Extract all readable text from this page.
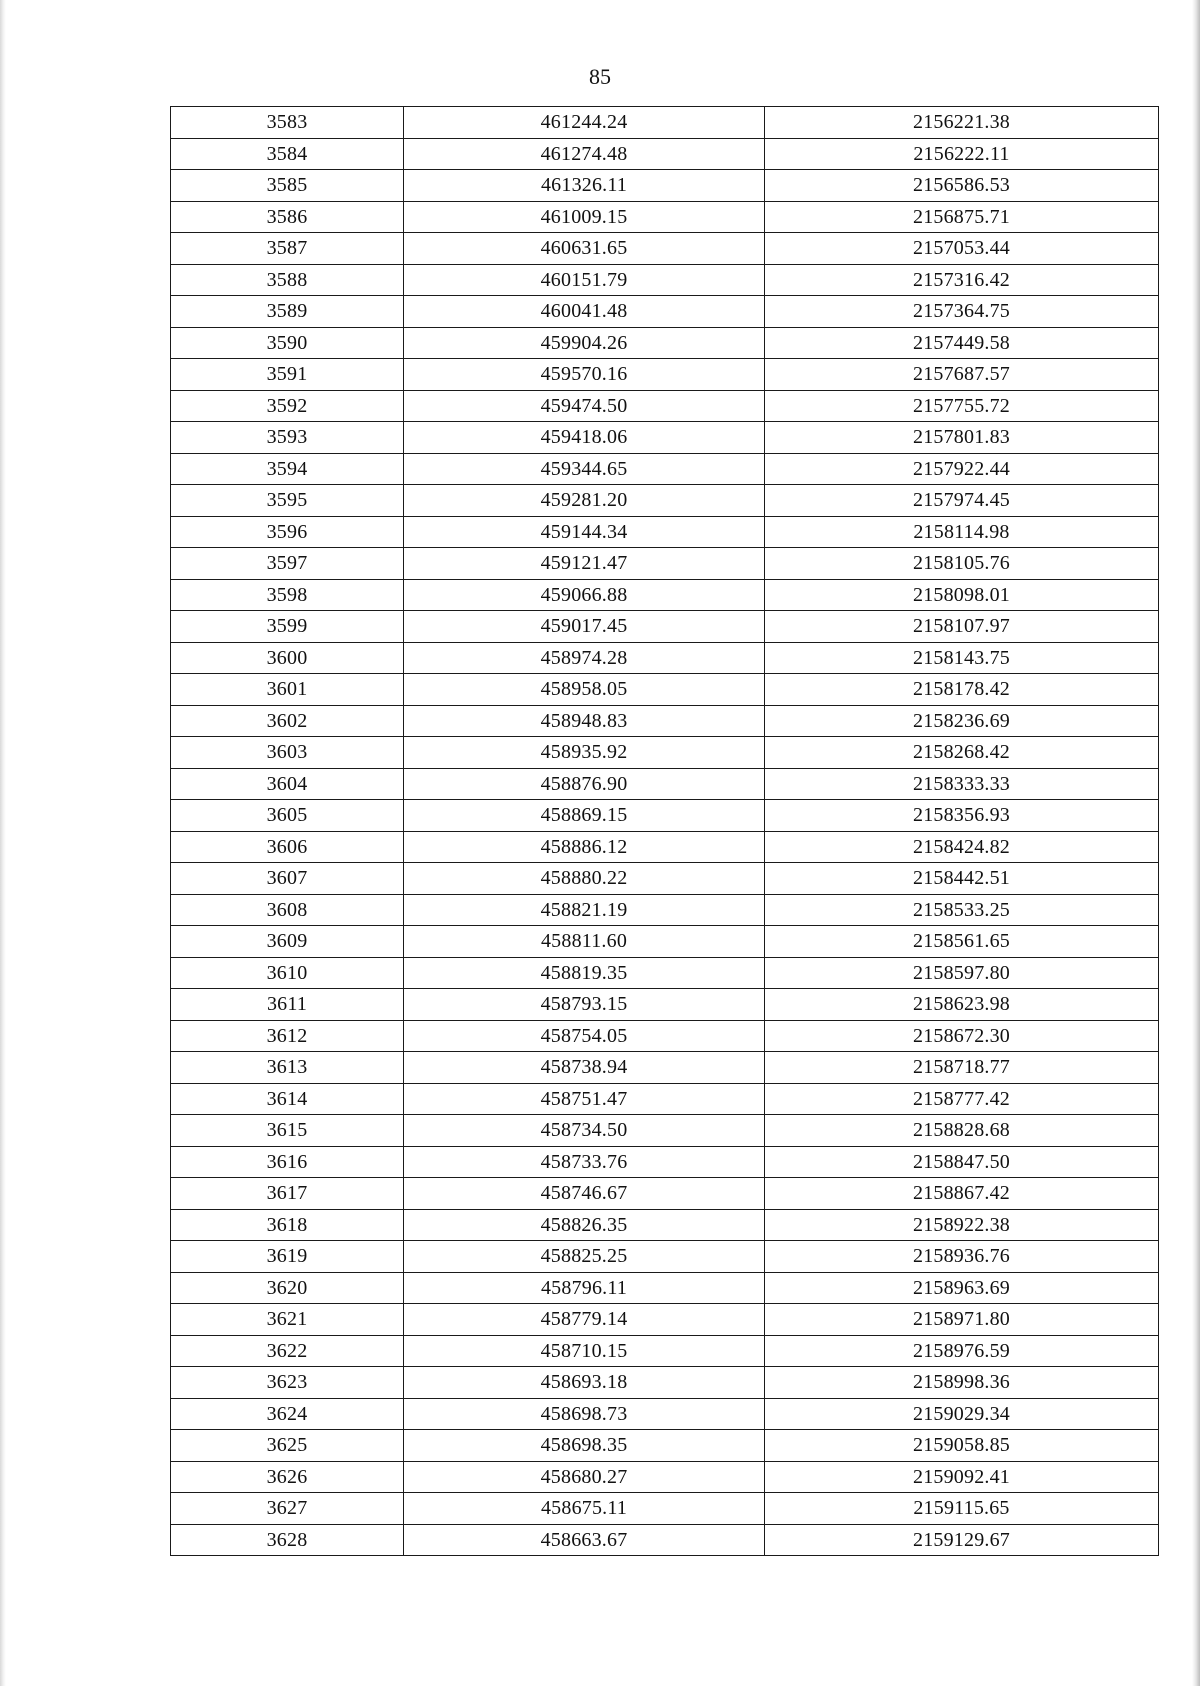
85
3583	461244.24	2156221.38
3584	461274.48	2156222.11
3585	461326.11	2156586.53
3586	461009.15	2156875.71
3587	460631.65	2157053.44
3588	460151.79	2157316.42
3589	460041.48	2157364.75
3590	459904.26	2157449.58
3591	459570.16	2157687.57
3592	459474.50	2157755.72
3593	459418.06	2157801.83
3594	459344.65	2157922.44
3595	459281.20	2157974.45
3596	459144.34	2158114.98
3597	459121.47	2158105.76
3598	459066.88	2158098.01
3599	459017.45	2158107.97
3600	458974.28	2158143.75
3601	458958.05	2158178.42
3602	458948.83	2158236.69
3603	458935.92	2158268.42
3604	458876.90	2158333.33
3605	458869.15	2158356.93
3606	458886.12	2158424.82
3607	458880.22	2158442.51
3608	458821.19	2158533.25
3609	458811.60	2158561.65
3610	458819.35	2158597.80
3611	458793.15	2158623.98
3612	458754.05	2158672.30
3613	458738.94	2158718.77
3614	458751.47	2158777.42
3615	458734.50	2158828.68
3616	458733.76	2158847.50
3617	458746.67	2158867.42
3618	458826.35	2158922.38
3619	458825.25	2158936.76
3620	458796.11	2158963.69
3621	458779.14	2158971.80
3622	458710.15	2158976.59
3623	458693.18	2158998.36
3624	458698.73	2159029.34
3625	458698.35	2159058.85
3626	458680.27	2159092.41
3627	458675.11	2159115.65
3628	458663.67	2159129.67
